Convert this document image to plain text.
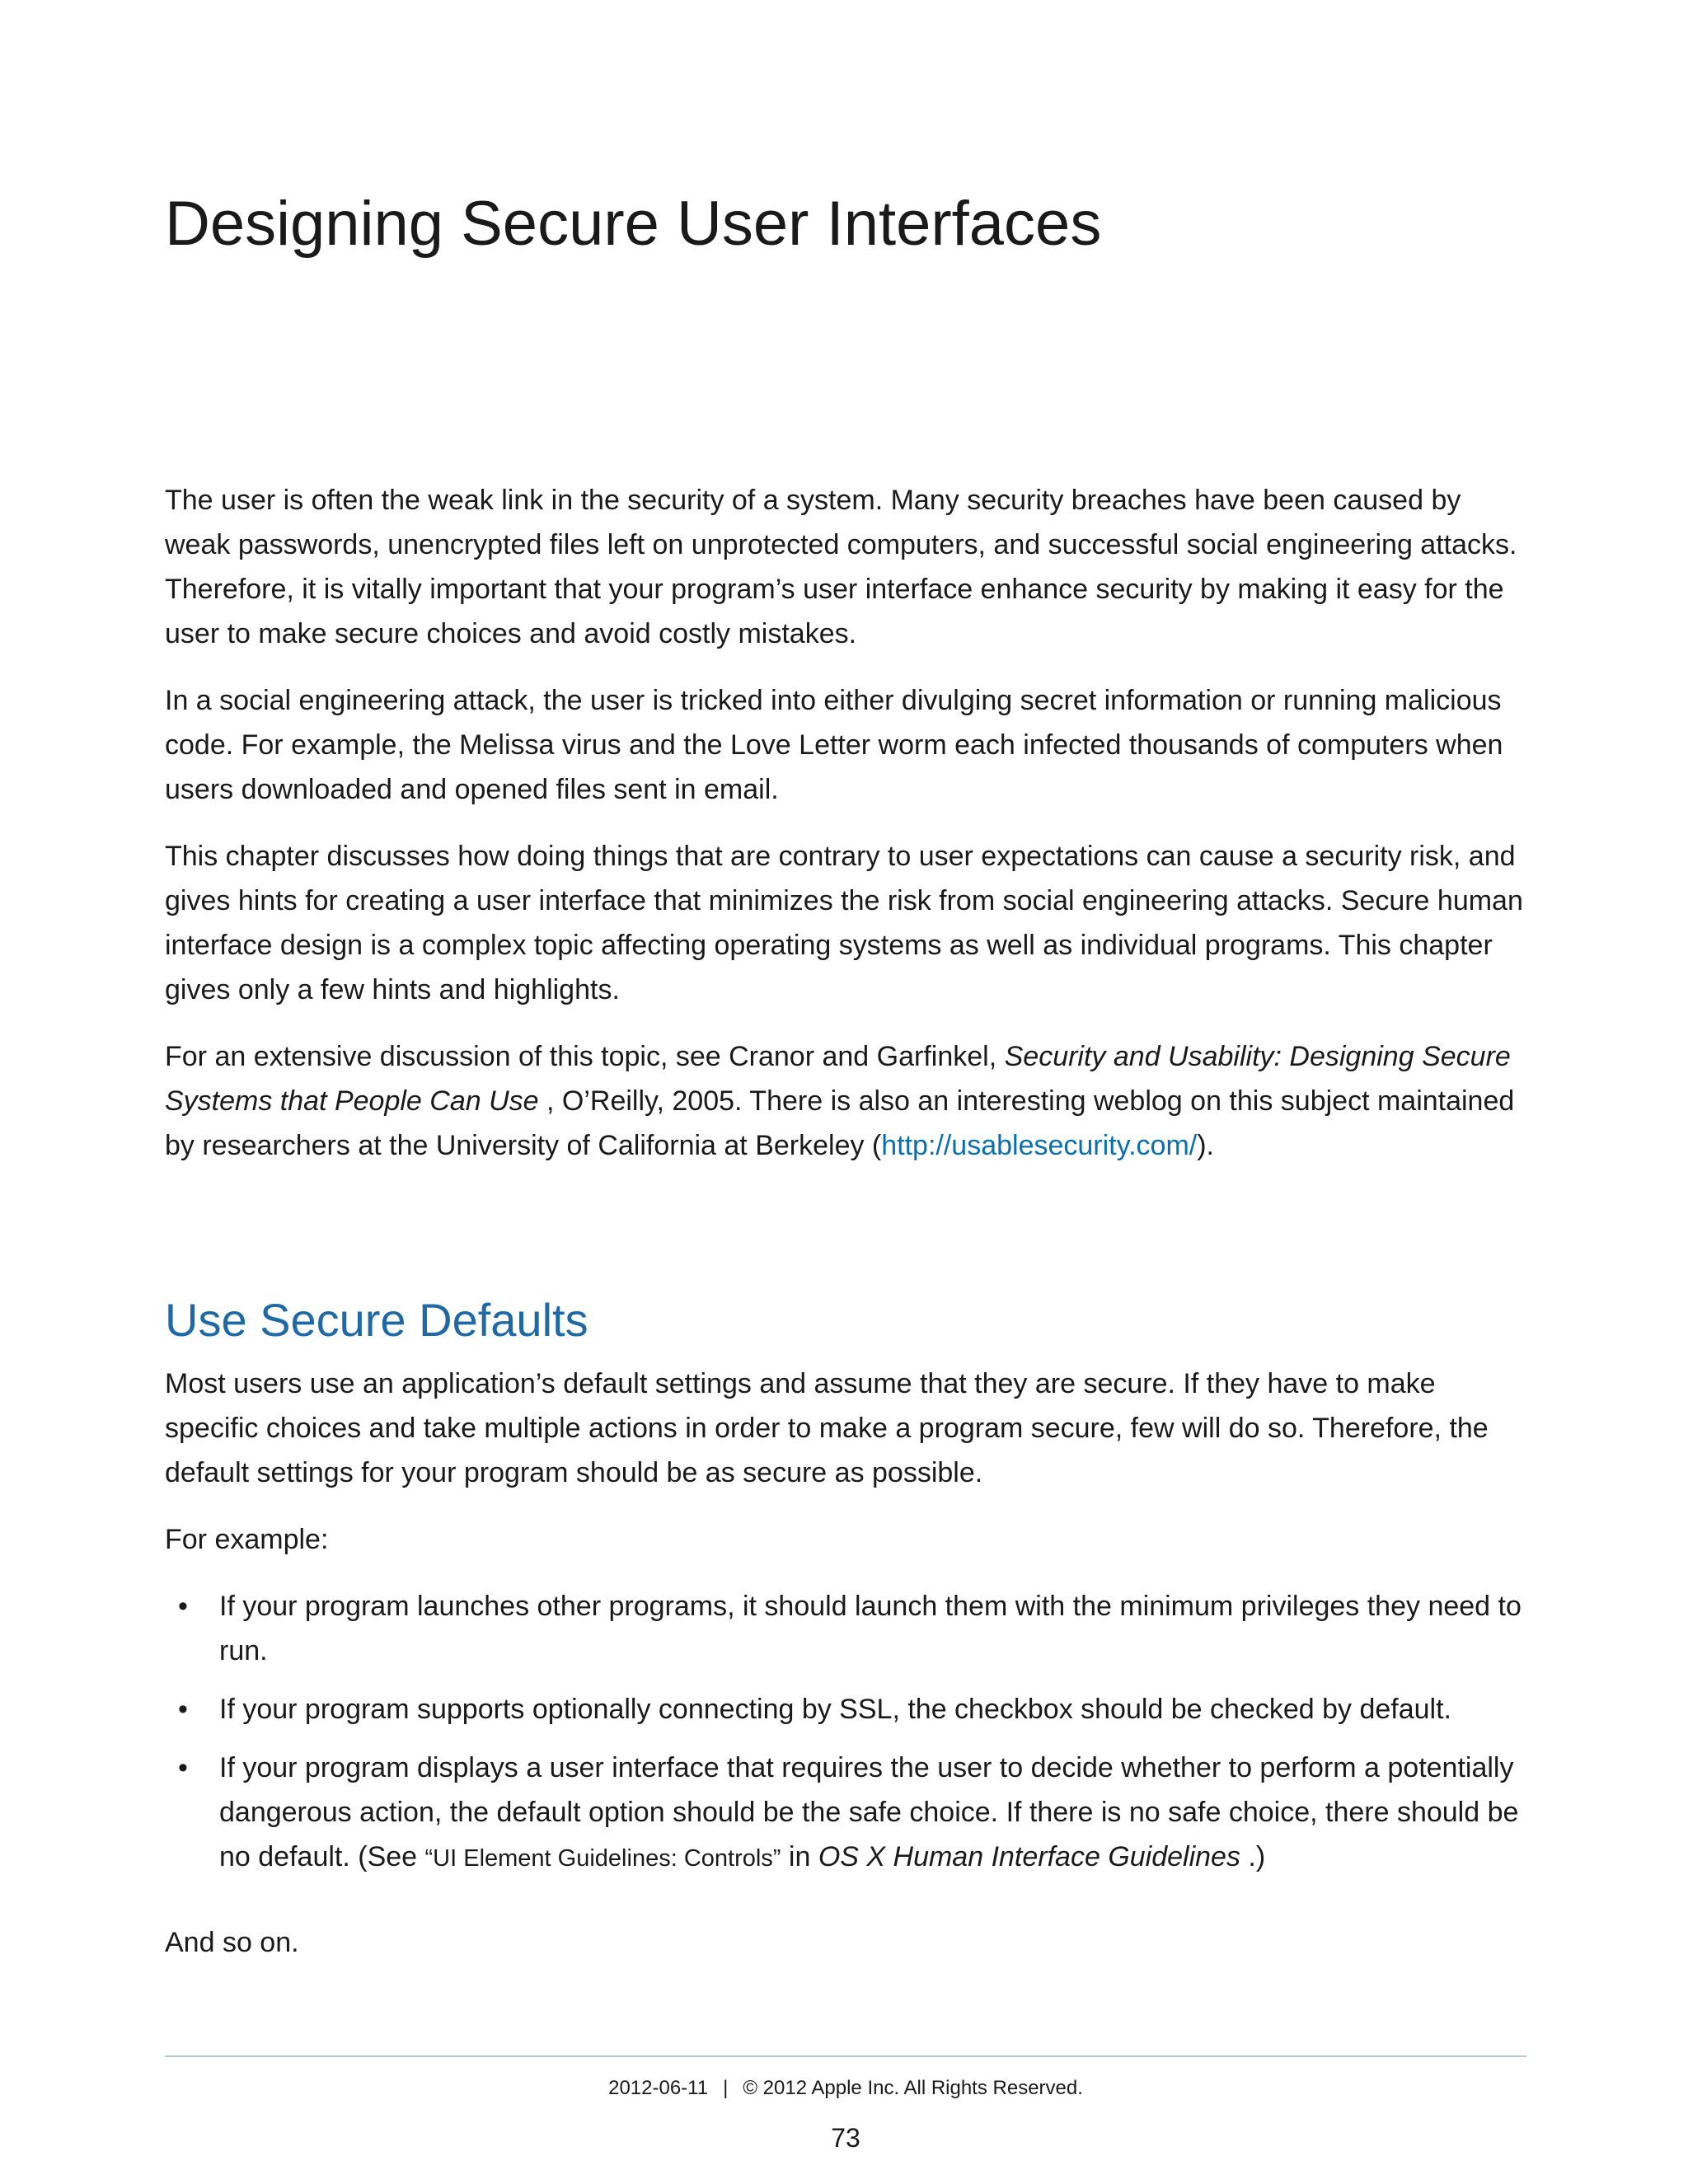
Designing Secure User Interfaces

The user is often the weak link in the security of a system. Many security breaches have been caused by weak passwords, unencrypted files left on unprotected computers, and successful social engineering attacks. Therefore, it is vitally important that your program’s user interface enhance security by making it easy for the user to make secure choices and avoid costly mistakes.

In a social engineering attack, the user is tricked into either divulging secret information or running malicious code. For example, the Melissa virus and the Love Letter worm each infected thousands of computers when users downloaded and opened files sent in email.

This chapter discusses how doing things that are contrary to user expectations can cause a security risk, and gives hints for creating a user interface that minimizes the risk from social engineering attacks. Secure human interface design is a complex topic affecting operating systems as well as individual programs. This chapter gives only a few hints and highlights.

For an extensive discussion of this topic, see Cranor and Garfinkel, Security and Usability: Designing Secure Systems that People Can Use , O’Reilly, 2005. There is also an interesting weblog on this subject maintained by researchers at the University of California at Berkeley (http://usablesecurity.com/).

Use Secure Defaults

Most users use an application’s default settings and assume that they are secure. If they have to make specific choices and take multiple actions in order to make a program secure, few will do so. Therefore, the default settings for your program should be as secure as possible.

For example:

• If your program launches other programs, it should launch them with the minimum privileges they need to run.
• If your program supports optionally connecting by SSL, the checkbox should be checked by default.
• If your program displays a user interface that requires the user to decide whether to perform a potentially dangerous action, the default option should be the safe choice. If there is no safe choice, there should be no default. (See “UI Element Guidelines: Controls” in OS X Human Interface Guidelines .)

And so on.

2012-06-11 | © 2012 Apple Inc. All Rights Reserved.
73
